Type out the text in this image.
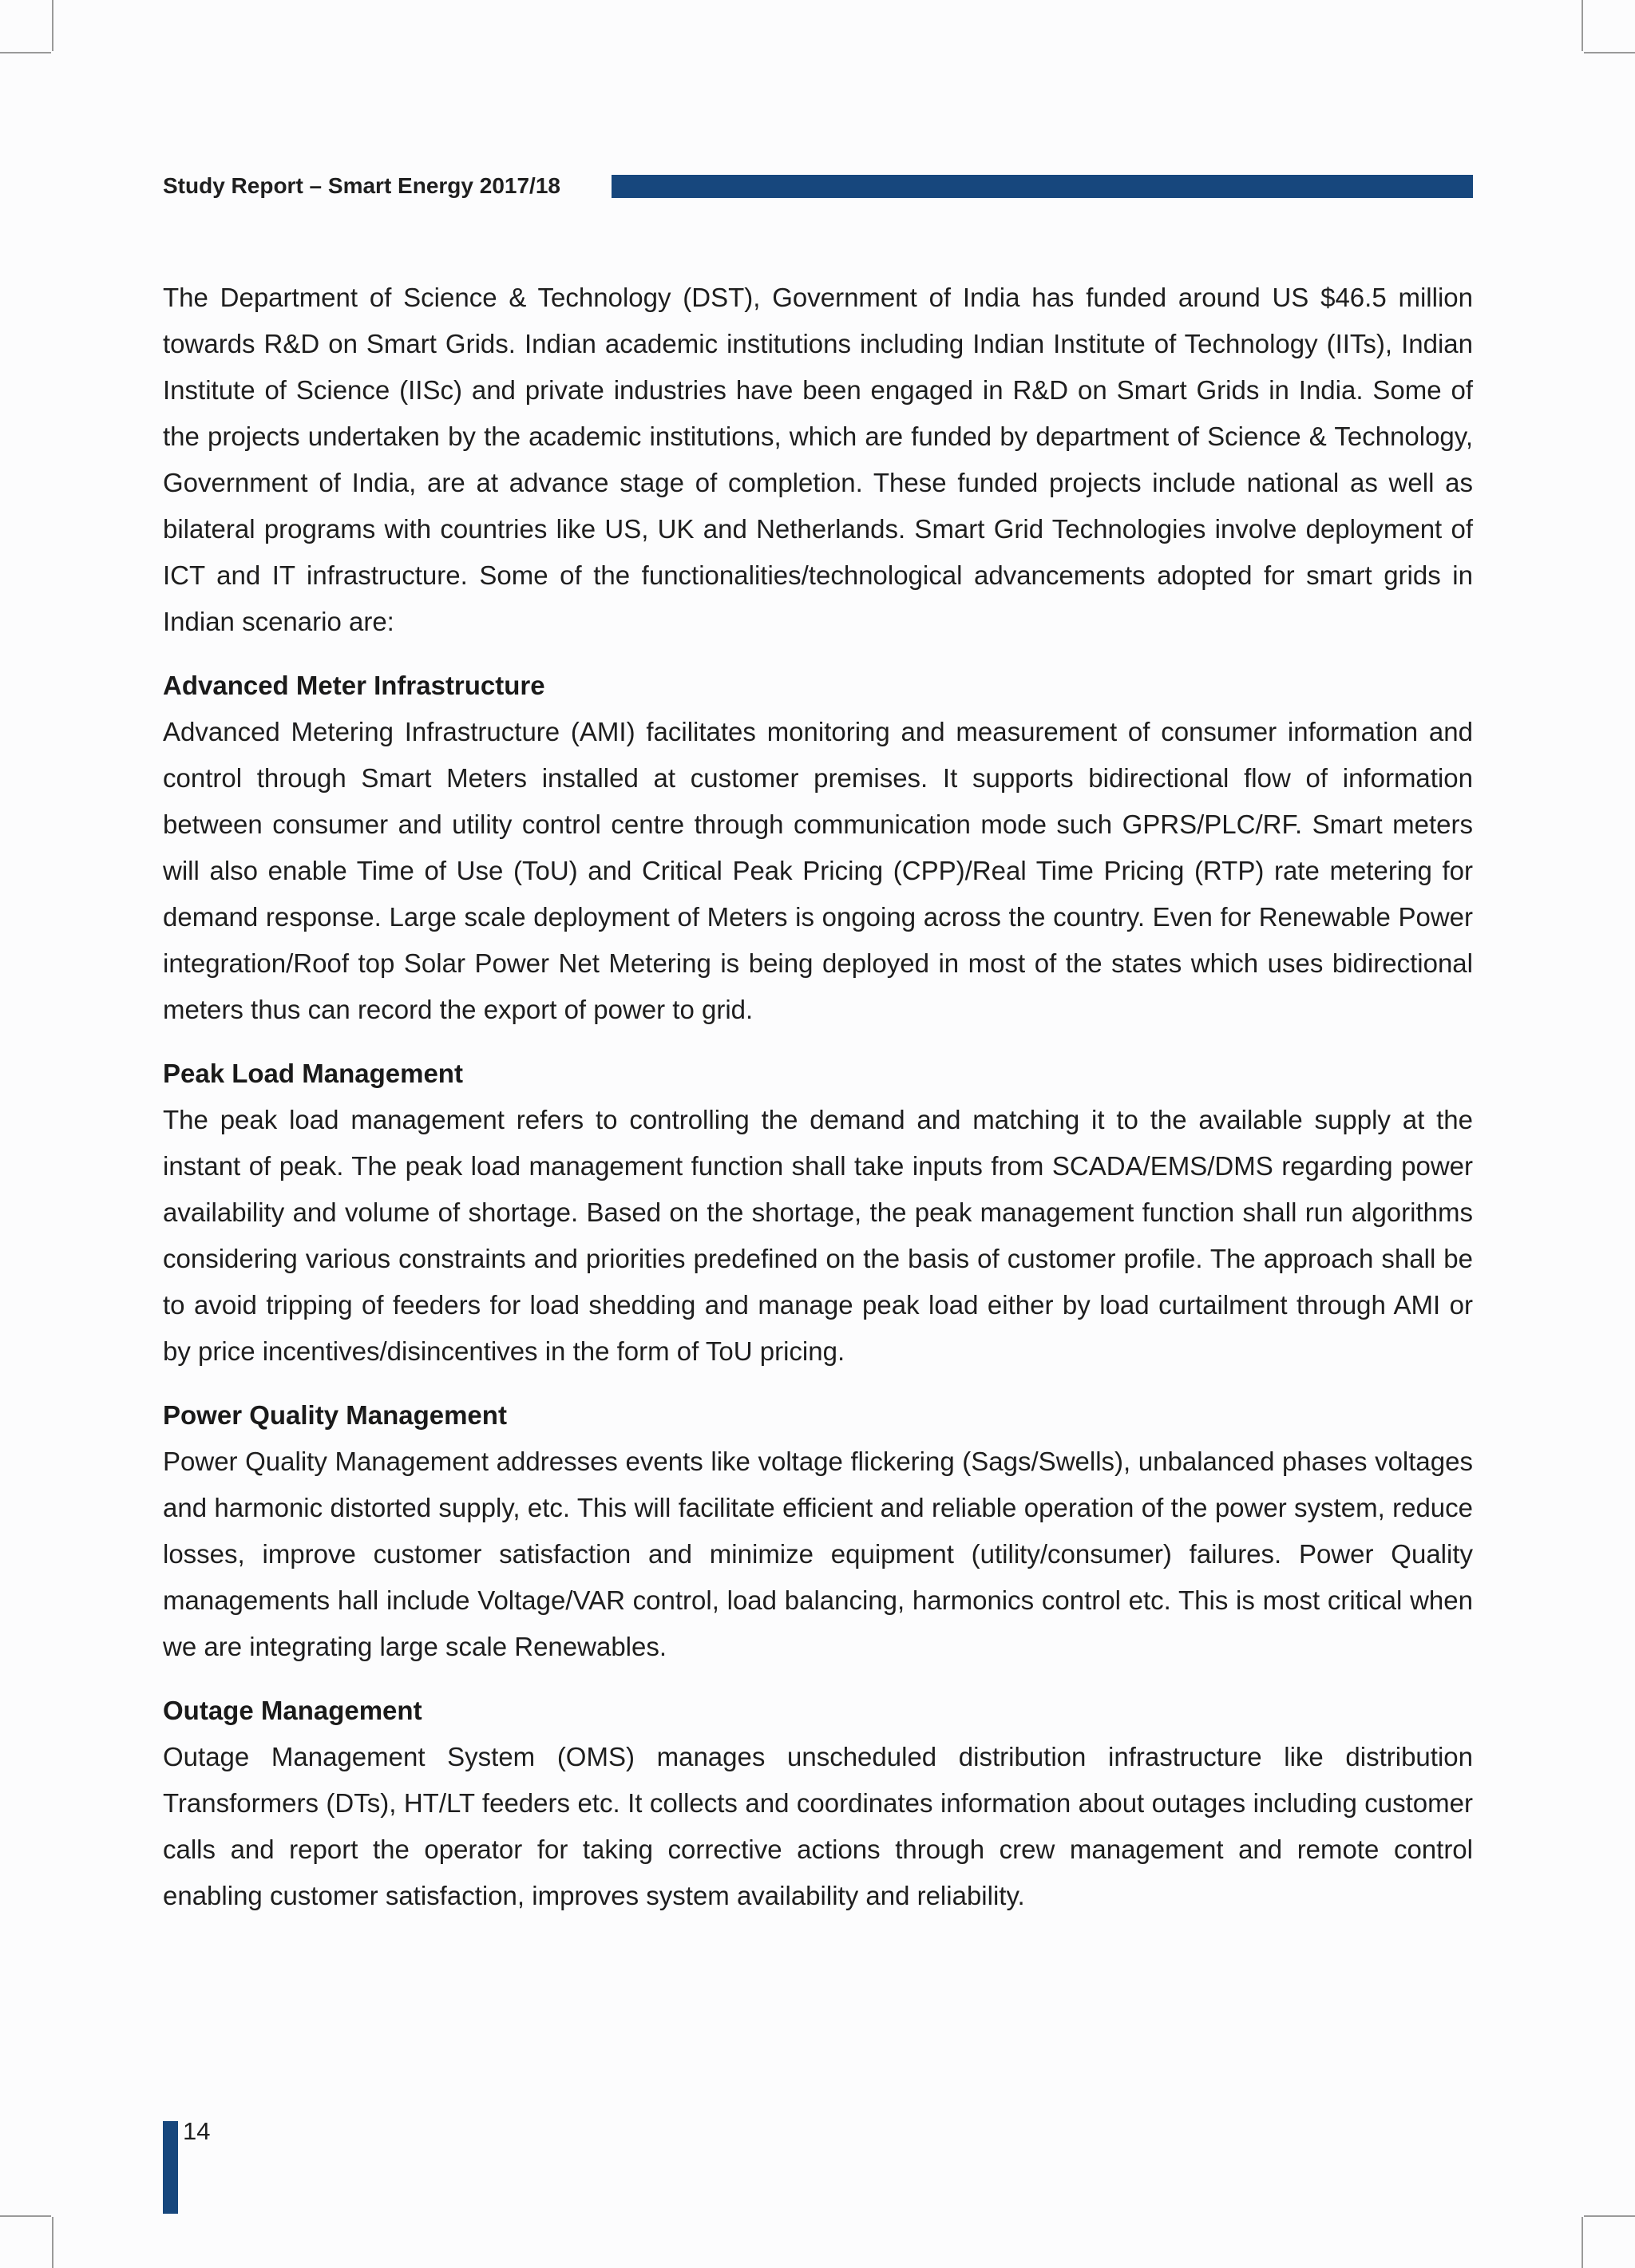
Study Report – Smart Energy 2017/18

The Department of Science & Technology (DST), Government of India has funded around US $46.5 million towards R&D on Smart Grids. Indian academic institutions including Indian Institute of Technology (IITs), Indian Institute of Science (IISc) and private industries have been engaged in R&D on Smart Grids in India. Some of the projects undertaken by the academic institutions, which are funded by department of Science & Technology, Government of India, are at advance stage of completion. These funded projects include national as well as bilateral programs with countries like US, UK and Netherlands. Smart Grid Technologies involve deployment of ICT and IT infrastructure. Some of the functionalities/technological advancements adopted for smart grids in Indian scenario are:

Advanced Meter Infrastructure

Advanced Metering Infrastructure (AMI) facilitates monitoring and measurement of consumer information and control through Smart Meters installed at customer premises. It supports bidirectional flow of information between consumer and utility control centre through communication mode such GPRS/PLC/RF. Smart meters will also enable Time of Use (ToU) and Critical Peak Pricing (CPP)/Real Time Pricing (RTP) rate metering for demand response. Large scale deployment of Meters is ongoing across the country. Even for Renewable Power integration/Roof top Solar Power Net Metering is being deployed in most of the states which uses bidirectional meters thus can record the export of power to grid.

Peak Load Management

The peak load management refers to controlling the demand and matching it to the available supply at the instant of peak. The peak load management function shall take inputs from SCADA/EMS/DMS regarding power availability and volume of shortage. Based on the shortage, the peak management function shall run algorithms considering various constraints and priorities predefined on the basis of customer profile. The approach shall be to avoid tripping of feeders for load shedding and manage peak load either by load curtailment through AMI or by price incentives/disincentives in the form of ToU pricing.

Power Quality Management

Power Quality Management addresses events like voltage flickering (Sags/Swells), unbalanced phases voltages and harmonic distorted supply, etc. This will facilitate efficient and reliable operation of the power system, reduce losses, improve customer satisfaction and minimize equipment (utility/consumer) failures. Power Quality managements hall include Voltage/VAR control, load balancing, harmonics control etc. This is most critical when we are integrating large scale Renewables.

Outage Management

Outage Management System (OMS) manages unscheduled distribution infrastructure like distribution Transformers (DTs), HT/LT feeders etc. It collects and coordinates information about outages including customer calls and report the operator for taking corrective actions through crew management and remote control enabling customer satisfaction, improves system availability and reliability.

14
